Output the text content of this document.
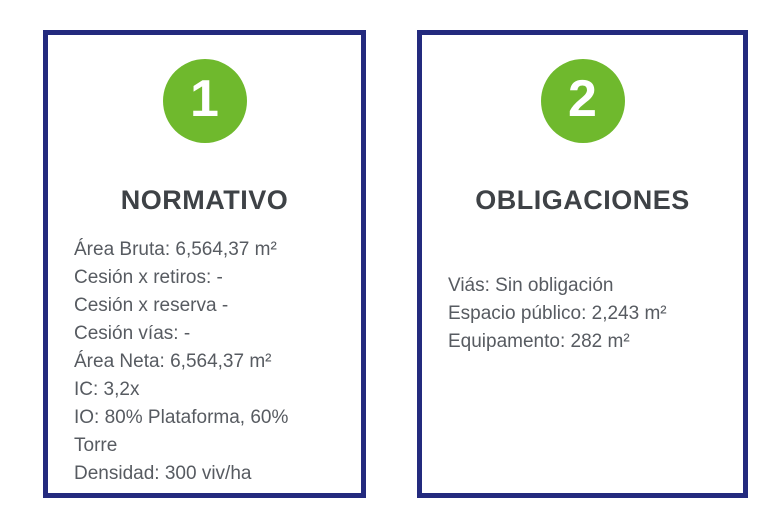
1
NORMATIVO
Área Bruta: 6,564,37 m²
Cesión x retiros: -
Cesión x reserva -
Cesión vías: -
Área Neta: 6,564,37 m²
IC: 3,2x
IO: 80% Plataforma, 60% Torre
Densidad: 300 viv/ha
2
OBLIGACIONES
Viás: Sin obligación
Espacio público: 2,243 m²
Equipamento: 282 m²
